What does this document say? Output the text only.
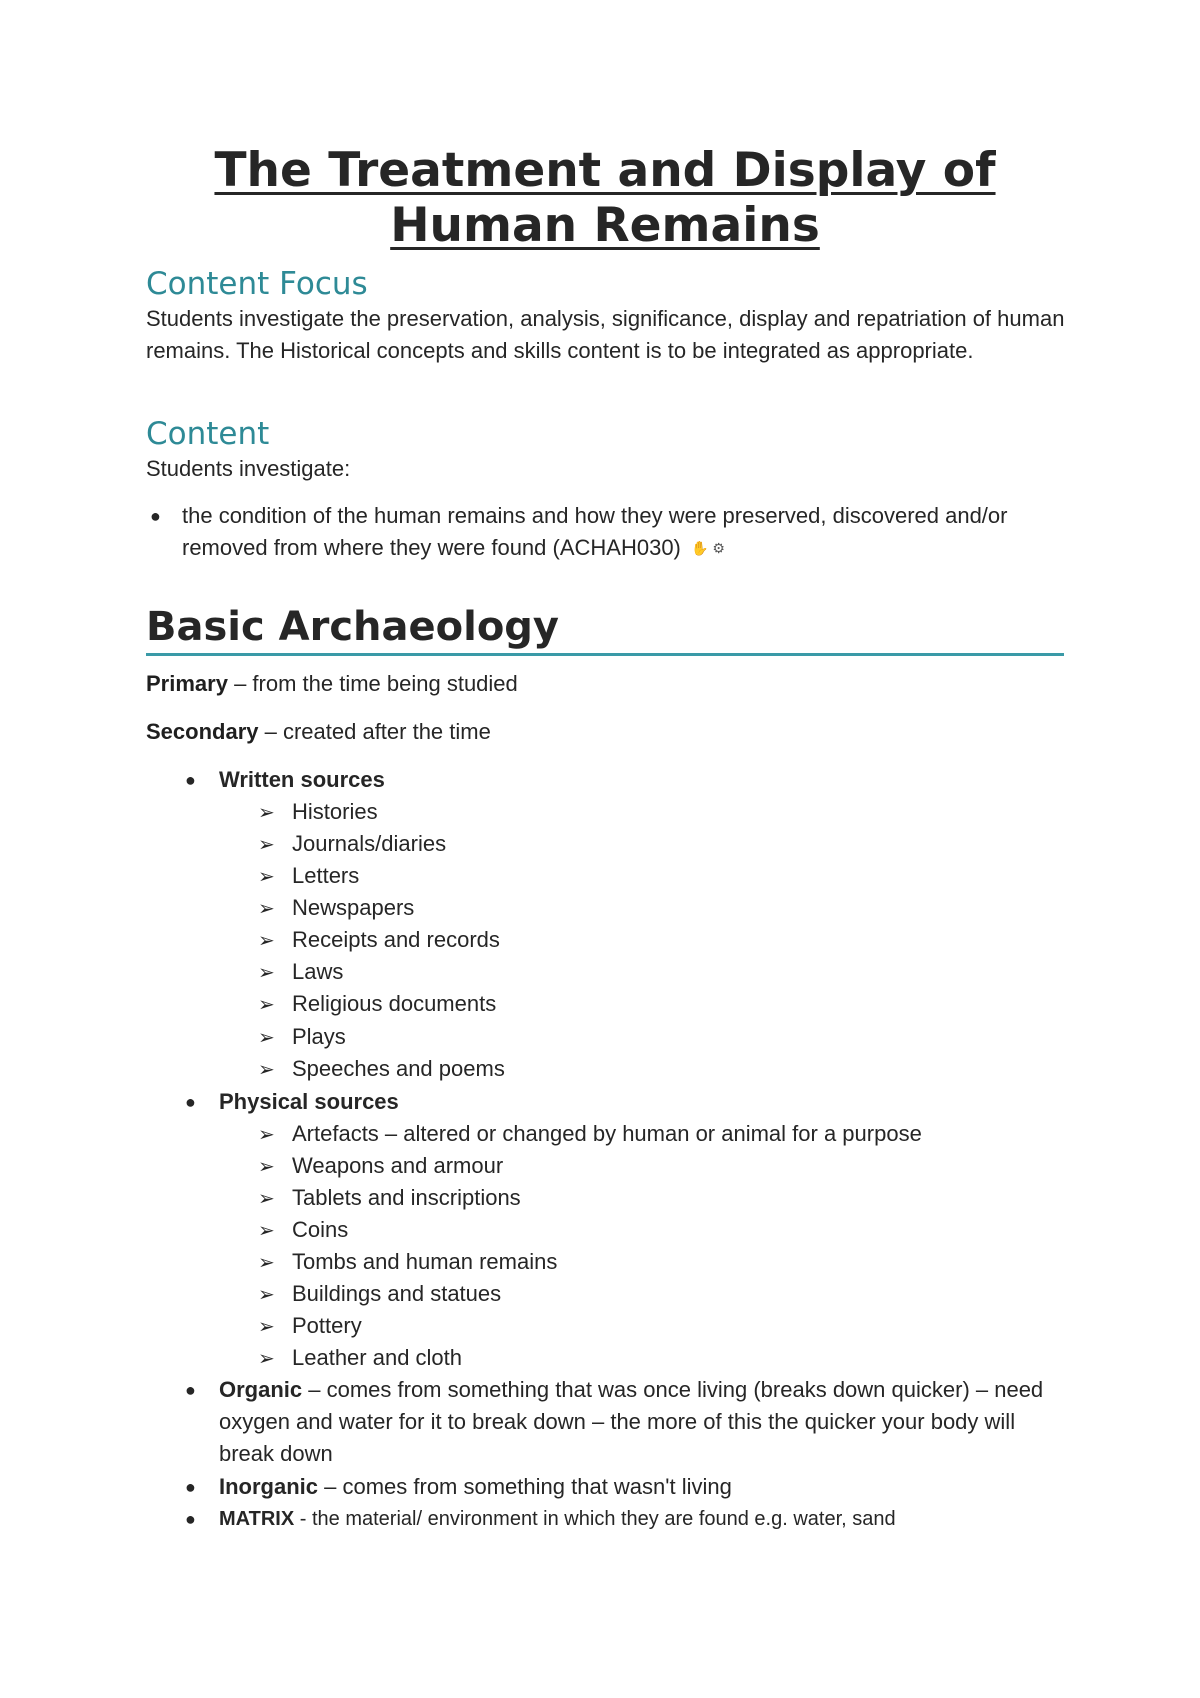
The Treatment and Display of
Human Remains
Content Focus

Students investigate the preservation, analysis, significance, display and repatriation of human remains. The Historical concepts and skills content is to be integrated as appropriate.

Content

Students investigate:

● the condition of the human remains and how they were preserved, discovered and/or removed from where they were found (ACHAH030) ✋ ⚙
Basic Archaeology
Primary – from the time being studied
Secondary – created after the time
● Written sources
➢ Histories
➢ Journals/diaries
➢ Letters
➢ Newspapers
➢ Receipts and records
➢ Laws
➢ Religious documents
➢ Plays
➢ Speeches and poems
● Physical sources
➢ Artefacts – altered or changed by human or animal for a purpose
➢ Weapons and armour
➢ Tablets and inscriptions
➢ Coins
➢ Tombs and human remains
➢ Buildings and statues
➢ Pottery
➢ Leather and cloth
● Organic – comes from something that was once living (breaks down quicker) – need oxygen and water for it to break down – the more of this the quicker your body will break down
● Inorganic – comes from something that wasn't living
● MATRIX - the material/ environment in which they are found e.g. water, sand
